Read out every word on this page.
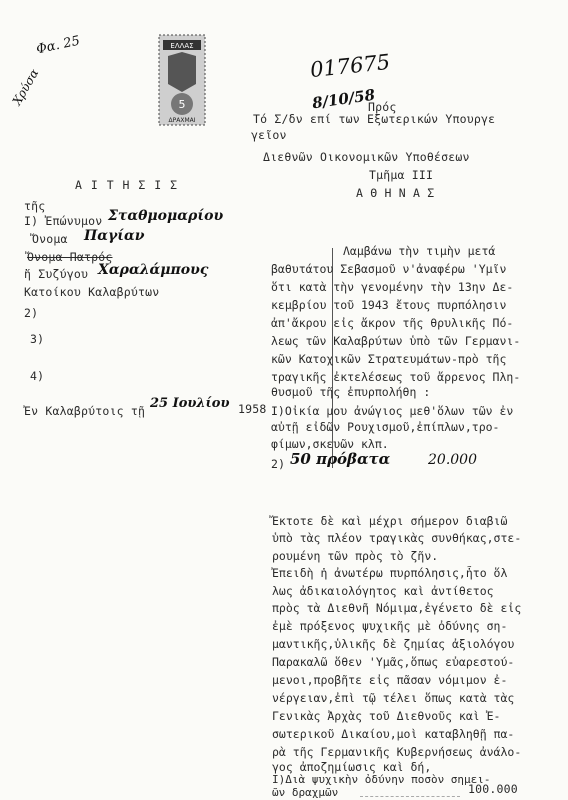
Φα. 25
Χρύσα
ΕΛΛΑΣ
5
ΔΡΑΧΜΑΙ
017675
8/10/58
Πρός
Τό Σ/δν επί των Εξωτερικών Υπουργε
γεῖον
Διεθνῶν Οικονομικῶν Υποθέσεων
Τμῆμα ΙΙΙ
Α Θ Η Ν Α Σ
Α Ι Τ Η Σ Ι Σ
τῆς
Ι) Ἐπώνυμον Σταθμομαρίου
Ὄνομα Παγίαν
Ὄνομα Πατρός
ἤ Συζύγου Χαραλάμπους
Κατοίκου Καλαβρύτων
2)
3)
4)
Ἐν Καλαβρύτοις τῇ 25 Ιουλίου 1958
Λαμβάνω τὴν τιμὴν μετά
βαθυτάτου Σεβασμοῦ ν'ἀναφέρω 'Υμῖν
ὅτι κατὰ τὴν γενομένην τὴν 13ην Δε-
κεμβρίου τοῦ 1943 ἔτους πυρπόλησιν
ἀπ'ἄκρου εἰς ἄκρον τῆς θρυλικῆς Πό-
λεως τῶν Καλαβρύτων ὑπὸ τῶν Γερμανι-
κῶν Κατοχικῶν Στρατευμάτων-πρὸ τῆς
τραγικῆς ἐκτελέσεως τοῦ ἄρρενος Πλη-
θυσμοῦ τῆς ἐπυρπολήθη :
Ι)Οἰκία μου ἀνώγιος μεθ'ὅλων τῶν ἐν
αὐτῇ εἰδῶν Ρουχισμοῦ,ἐπίπλων,τρο-
φίμων,σκευῶν κλπ.
2) 50 πρόβατα	20.000
Ἔκτοτε δὲ καὶ μέχρι σήμερον διαβιῶ
ὑπὸ τὰς πλέον τραγικὰς συνθήκας,στε-
ρουμένη τῶν πρὸς τὸ ζῆν.
Ἐπειδὴ ἡ ἀνωτέρω πυρπόλησις,ἦτο ὅλ
λως ἀδικαιολόγητος καὶ ἀντίθετος
πρὸς τὰ Διεθνῆ Νόμιμα,ἐγένετο δὲ εἰς
ἐμὲ πρόξενος ψυχικῆς μὲ ὀδύνης ση-
μαντικῆς,ὑλικῆς δὲ ζημίας ἀξιολόγου
Παρακαλῶ ὅθεν 'Υμᾶς,ὅπως εὐαρεστού-
μενοι,προβῆτε εἰς πᾶσαν νόμιμον ἐ-
νέργειαν,ἐπὶ τῷ τέλει ὅπως κατὰ τὰς
Γενικὰς Ἀρχὰς τοῦ Διεθνοῦς καὶ Ἐ-
σωτερικοῦ Δικαίου,μοὶ καταβληθῇ πα-
ρὰ τῆς Γερμανικῆς Κυβερνήσεως ἀνάλο-
γος ἀποζημίωσις καὶ δή,
Ι)Διὰ ψυχικὴν ὀδύνην ποσὸν σημει-
ῶν δραχμῶν	100.000
